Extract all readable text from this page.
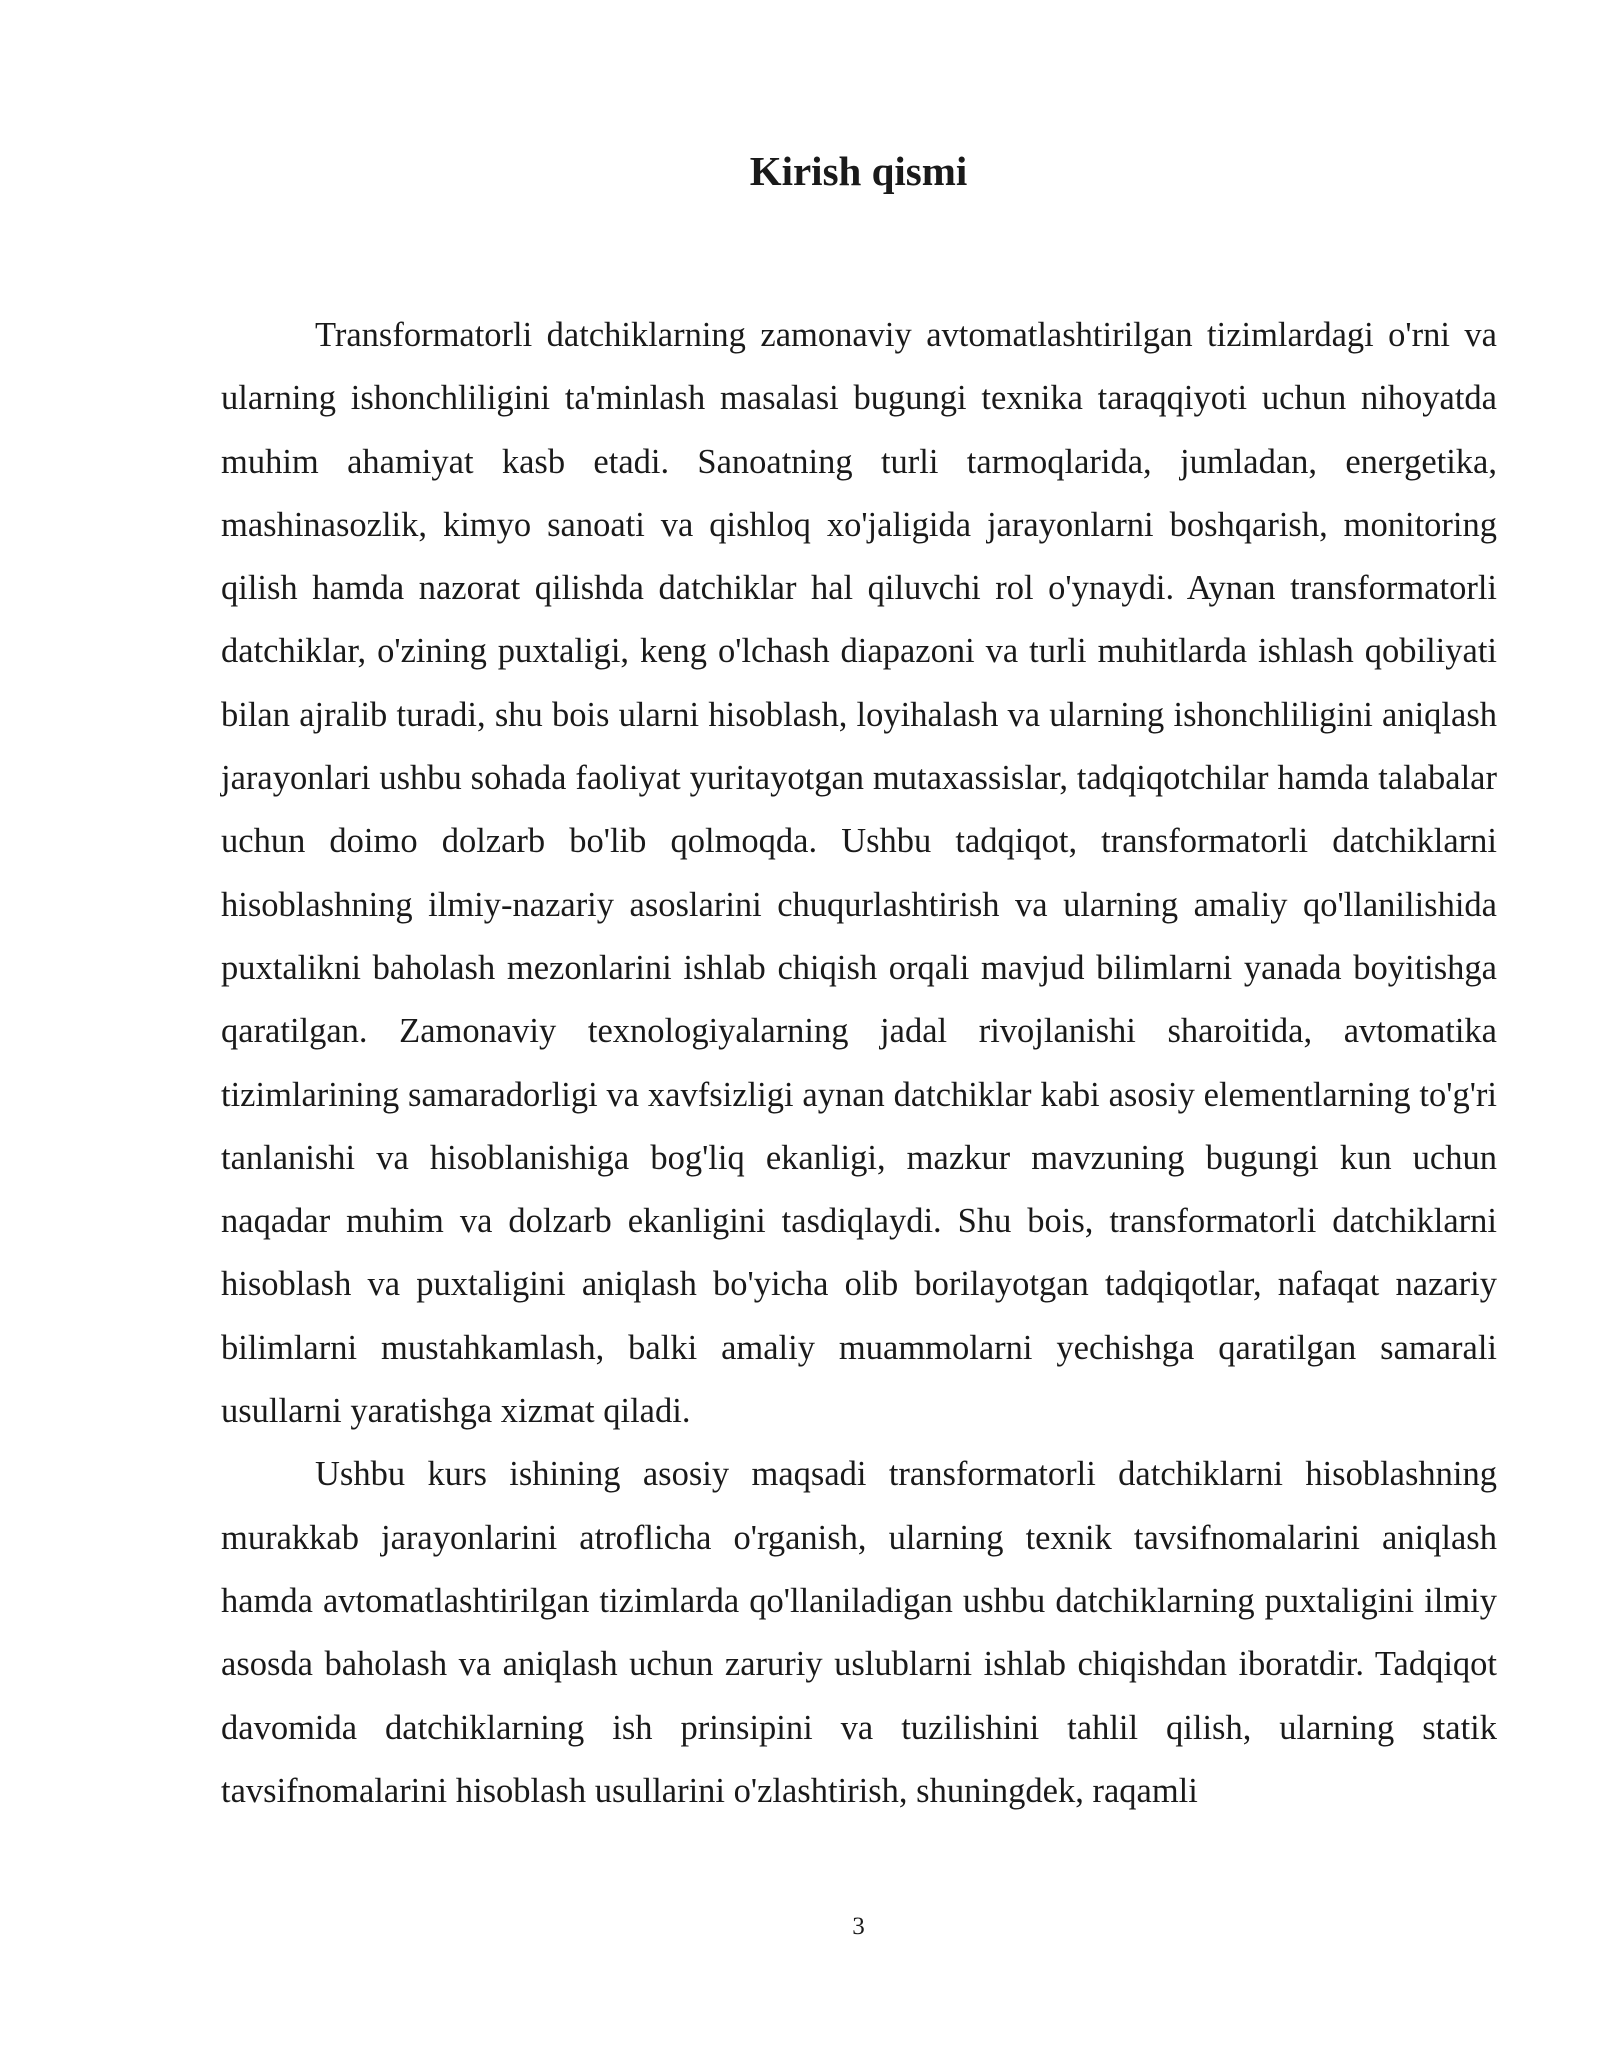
Kirish qismi

Transformatorli datchiklarning zamonaviy avtomatlashtirilgan tizimlardagi o'rni va ularning ishonchliligini ta'minlash masalasi bugungi texnika taraqqiyoti uchun nihoyatda muhim ahamiyat kasb etadi. Sanoatning turli tarmoqlarida, jumladan, energetika, mashinasozlik, kimyo sanoati va qishloq xo'jaligida jarayonlarni boshqarish, monitoring qilish hamda nazorat qilishda datchiklar hal qiluvchi rol o'ynaydi. Aynan transformatorli datchiklar, o'zining puxtaligi, keng o'lchash diapazoni va turli muhitlarda ishlash qobiliyati bilan ajralib turadi, shu bois ularni hisoblash, loyihalash va ularning ishonchliligini aniqlash jarayonlari ushbu sohada faoliyat yuritayotgan mutaxassislar, tadqiqotchilar hamda talabalar uchun doimo dolzarb bo'lib qolmoqda. Ushbu tadqiqot, transformatorli datchiklarni hisoblashning ilmiy-nazariy asoslarini chuqurlashtirish va ularning amaliy qo'llanilishida puxtalikni baholash mezonlarini ishlab chiqish orqali mavjud bilimlarni yanada boyitishga qaratilgan. Zamonaviy texnologiyalarning jadal rivojlanishi sharoitida, avtomatika tizimlarining samaradorligi va xavfsizligi aynan datchiklar kabi asosiy elementlarning to'g'ri tanlanishi va hisoblanishiga bog'liq ekanligi, mazkur mavzuning bugungi kun uchun naqadar muhim va dolzarb ekanligini tasdiqlaydi. Shu bois, transformatorli datchiklarni hisoblash va puxtaligini aniqlash bo'yicha olib borilayotgan tadqiqotlar, nafaqat nazariy bilimlarni mustahkamlash, balki amaliy muammolarni yechishga qaratilgan samarali usullarni yaratishga xizmat qiladi.

Ushbu kurs ishining asosiy maqsadi transformatorli datchiklarni hisoblashning murakkab jarayonlarini atroflicha o'rganish, ularning texnik tavsifnomalarini aniqlash hamda avtomatlashtirilgan tizimlarda qo'llaniladigan ushbu datchiklarning puxtaligini ilmiy asosda baholash va aniqlash uchun zaruriy uslublarni ishlab chiqishdan iboratdir. Tadqiqot davomida datchiklarning ish prinsipini va tuzilishini tahlil qilish, ularning statik tavsifnomalarini hisoblash usullarini o'zlashtirish, shuningdek, raqamli

3
